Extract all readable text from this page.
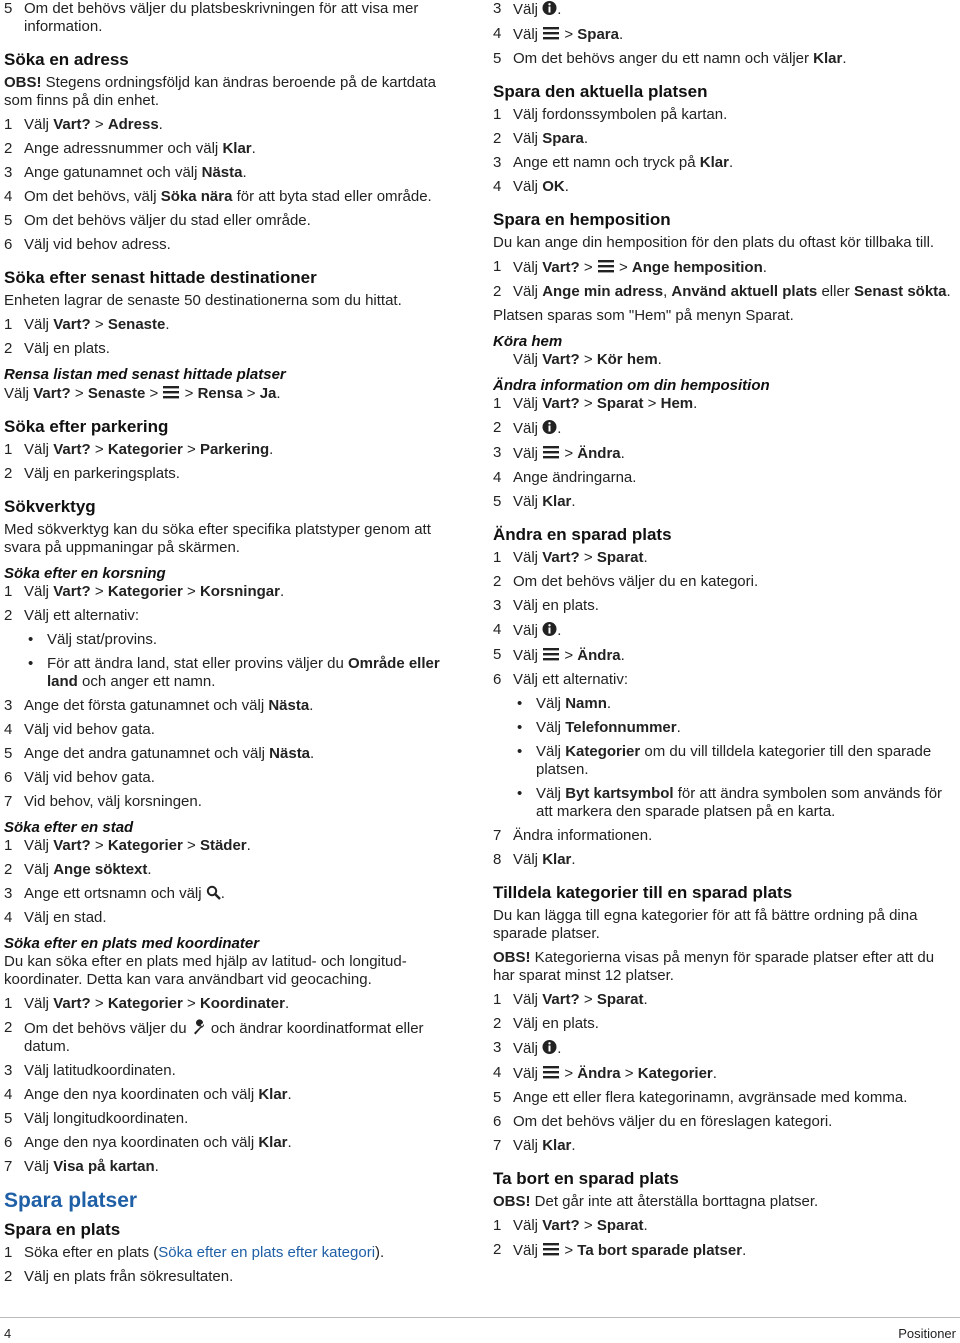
5 Om det behövs väljer du platsbeskrivningen för att visa mer information.
Söka en adress
OBS! Stegens ordningsföljd kan ändras beroende på de kartdata som finns på din enhet.
1 Välj Vart? > Adress.
2 Ange adressnummer och välj Klar.
3 Ange gatunamnet och välj Nästa.
4 Om det behövs, välj Söka nära för att byta stad eller område.
5 Om det behövs väljer du stad eller område.
6 Välj vid behov adress.
Söka efter senast hittade destinationer
Enheten lagrar de senaste 50 destinationerna som du hittat.
1 Välj Vart? > Senaste.
2 Välj en plats.
Rensa listan med senast hittade platser
Välj Vart? > Senaste >  > Rensa > Ja.
Söka efter parkering
1 Välj Vart? > Kategorier > Parkering.
2 Välj en parkeringsplats.
Sökverktyg
Med sökverktyg kan du söka efter specifika platstyper genom att svara på uppmaningar på skärmen.
Söka efter en korsning
1 Välj Vart? > Kategorier > Korsningar.
2 Välj ett alternativ:
• Välj stat/provins.
• För att ändra land, stat eller provins väljer du Område eller land och anger ett namn.
3 Ange det första gatunamnet och välj Nästa.
4 Välj vid behov gata.
5 Ange det andra gatunamnet och välj Nästa.
6 Välj vid behov gata.
7 Vid behov, välj korsningen.
Söka efter en stad
1 Välj Vart? > Kategorier > Städer.
2 Välj Ange söktext.
3 Ange ett ortsnamn och välj .
4 Välj en stad.
Söka efter en plats med koordinater
Du kan söka efter en plats med hjälp av latitud- och longitud-koordinater. Detta kan vara användbart vid geocaching.
1 Välj Vart? > Kategorier > Koordinater.
2 Om det behövs väljer du  och ändrar koordinatformat eller datum.
3 Välj latitudkoordinaten.
4 Ange den nya koordinaten och välj Klar.
5 Välj longitudkoordinaten.
6 Ange den nya koordinaten och välj Klar.
7 Välj Visa på kartan.
Spara platser
Spara en plats
1 Söka efter en plats (Söka efter en plats efter kategori).
2 Välj en plats från sökresultaten.
3 Välj .
4 Välj  > Spara.
5 Om det behövs anger du ett namn och väljer Klar.
Spara den aktuella platsen
1 Välj fordonssymbolen på kartan.
2 Välj Spara.
3 Ange ett namn och tryck på Klar.
4 Välj OK.
Spara en hemposition
Du kan ange din hemposition för den plats du oftast kör tillbaka till.
1 Välj Vart? >  > Ange hemposition.
2 Välj Ange min adress, Använd aktuell plats eller Senast sökta.
Platsen sparas som "Hem" på menyn Sparat.
Köra hem
Välj Vart? > Kör hem.
Ändra information om din hemposition
1 Välj Vart? > Sparat > Hem.
2 Välj .
3 Välj  > Ändra.
4 Ange ändringarna.
5 Välj Klar.
Ändra en sparad plats
1 Välj Vart? > Sparat.
2 Om det behövs väljer du en kategori.
3 Välj en plats.
4 Välj .
5 Välj  > Ändra.
6 Välj ett alternativ:
• Välj Namn.
• Välj Telefonnummer.
• Välj Kategorier om du vill tilldela kategorier till den sparade platsen.
• Välj Byt kartsymbol för att ändra symbolen som används för att markera den sparade platsen på en karta.
7 Ändra informationen.
8 Välj Klar.
Tilldela kategorier till en sparad plats
Du kan lägga till egna kategorier för att få bättre ordning på dina sparade platser.
OBS! Kategorierna visas på menyn för sparade platser efter att du har sparat minst 12 platser.
1 Välj Vart? > Sparat.
2 Välj en plats.
3 Välj .
4 Välj  > Ändra > Kategorier.
5 Ange ett eller flera kategorinamn, avgränsade med komma.
6 Om det behövs väljer du en föreslagen kategori.
7 Välj Klar.
Ta bort en sparad plats
OBS! Det går inte att återställa borttagna platser.
1 Välj Vart? > Sparat.
2 Välj  > Ta bort sparade platser.
4	Positioner
